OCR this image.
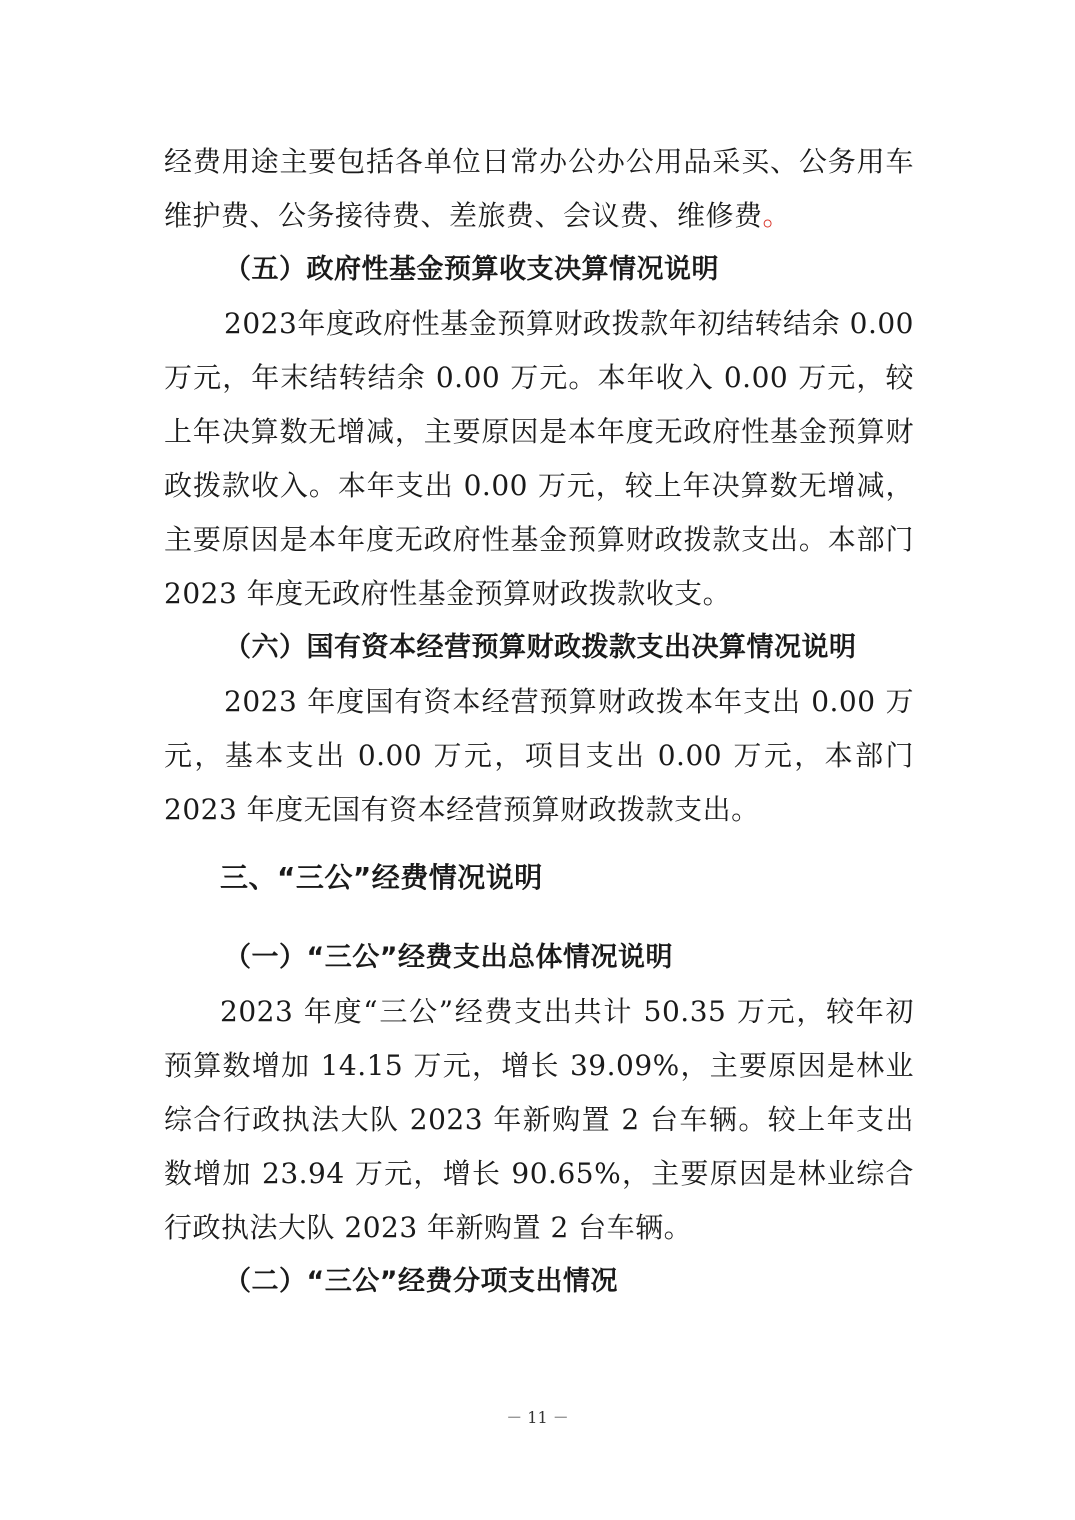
经费用途主要包括各单位日常办公办公用品采买、公务用车维护费、公务接待费、差旅费、会议费、维修费。

（五）政府性基金预算收支决算情况说明

2023年度政府性基金预算财政拨款年初结转结余 0.00 万元，年末结转结余 0.00 万元。本年收入 0.00 万元，较上年决算数无增减，主要原因是本年度无政府性基金预算财政拨款收入。本年支出 0.00 万元，较上年决算数无增减，主要原因是本年度无政府性基金预算财政拨款支出。本部门 2023 年度无政府性基金预算财政拨款收支。

（六）国有资本经营预算财政拨款支出决算情况说明

2023 年度国有资本经营预算财政拨本年支出 0.00 万元，基本支出 0.00 万元，项目支出 0.00 万元，本部门 2023 年度无国有资本经营预算财政拨款支出。

三、“三公”经费情况说明

（一）“三公”经费支出总体情况说明

2023 年度“三公”经费支出共计 50.35 万元，较年初预算数增加 14.15 万元，增长 39.09%，主要原因是林业综合行政执法大队 2023 年新购置 2 台车辆。较上年支出数增加 23.94 万元，增长 90.65%，主要原因是林业综合行政执法大队 2023 年新购置 2 台车辆。

（二）“三公”经费分项支出情况

－ 11 －
